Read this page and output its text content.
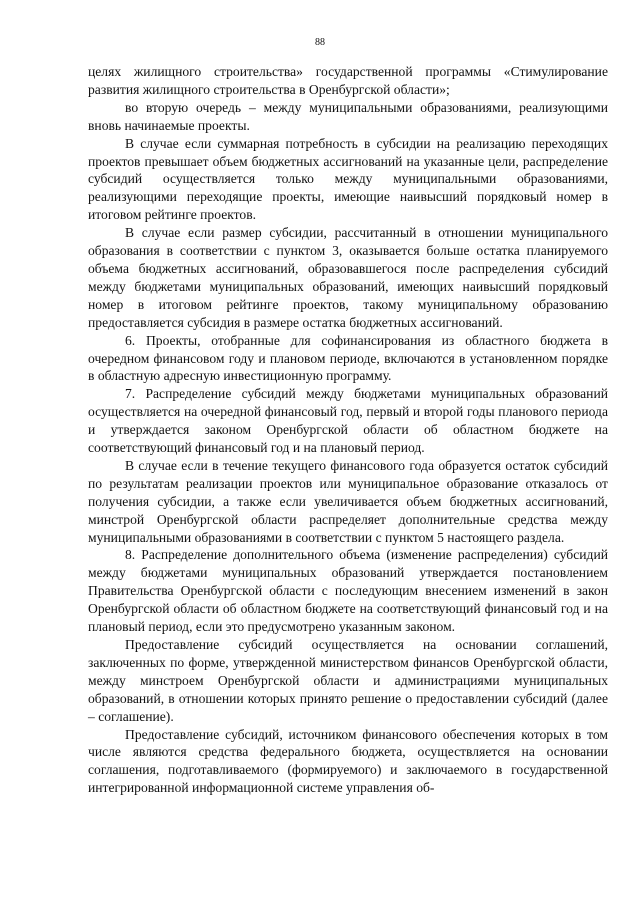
88

целях жилищного строительства» государственной программы «Стимулирование развития жилищного строительства в Оренбургской области»;

во вторую очередь – между муниципальными образованиями, реализующими вновь начинаемые проекты.

В случае если суммарная потребность в субсидии на реализацию переходящих проектов превышает объем бюджетных ассигнований на указанные цели, распределение субсидий осуществляется только между муниципальными образованиями, реализующими переходящие проекты, имеющие наивысший порядковый номер в итоговом рейтинге проектов.

В случае если размер субсидии, рассчитанный в отношении муниципального образования в соответствии с пунктом 3, оказывается больше остатка планируемого объема бюджетных ассигнований, образовавшегося после распределения субсидий между бюджетами муниципальных образований, имеющих наивысший порядковый номер в итоговом рейтинге проектов, такому муниципальному образованию предоставляется субсидия в размере остатка бюджетных ассигнований.

6. Проекты, отобранные для софинансирования из областного бюджета в очередном финансовом году и плановом периоде, включаются в установленном порядке в областную адресную инвестиционную программу.

7. Распределение субсидий между бюджетами муниципальных образований осуществляется на очередной финансовый год, первый и второй годы планового периода и утверждается законом Оренбургской области об областном бюджете на соответствующий финансовый год и на плановый период.

В случае если в течение текущего финансового года образуется остаток субсидий по результатам реализации проектов или муниципальное образование отказалось от получения субсидии, а также если увеличивается объем бюджетных ассигнований, минстрой Оренбургской области распределяет дополнительные средства между муниципальными образованиями в соответствии с пунктом 5 настоящего раздела.

8. Распределение дополнительного объема (изменение распределения) субсидий между бюджетами муниципальных образований утверждается постановлением Правительства Оренбургской области с последующим внесением изменений в закон Оренбургской области об областном бюджете на соответствующий финансовый год и на плановый период, если это предусмотрено указанным законом.

Предоставление субсидий осуществляется на основании соглашений, заключенных по форме, утвержденной министерством финансов Оренбургской области, между минстроем Оренбургской области и администрациями муниципальных образований, в отношении которых принято решение о предоставлении субсидий (далее – соглашение).

Предоставление субсидий, источником финансового обеспечения которых в том числе являются средства федерального бюджета, осуществляется на основании соглашения, подготавливаемого (формируемого) и заключаемого в государственной интегрированной информационной системе управления об-
